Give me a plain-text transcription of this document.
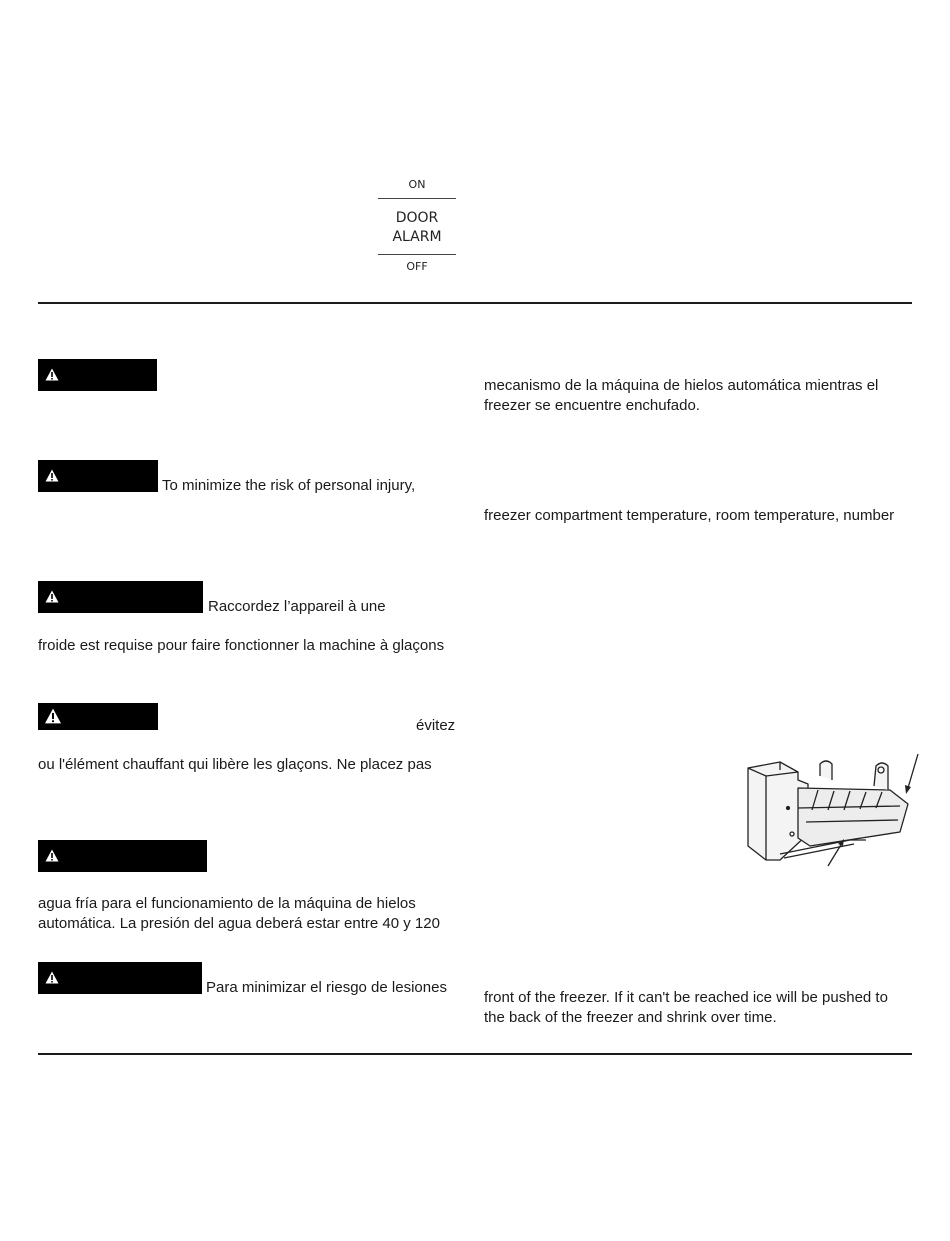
ON
DOOR
ALARM
OFF
To minimize the risk of personal injury,
Raccordez l’appareil à une
froide est requise pour faire fonctionner la machine à glaçons
évitez
ou l'élément chauffant qui libère les glaçons. Ne placez pas
agua fría para el funcionamiento de la máquina de hielos
automática. La presión del agua deberá estar entre 40 y 120
Para minimizar el riesgo de lesiones
mecanismo de la máquina de hielos automática mientras el
freezer se encuentre enchufado.
freezer compartment temperature, room temperature, number
front of the freezer. If it can't be reached ice will be pushed to
the back of the freezer and shrink over time.
